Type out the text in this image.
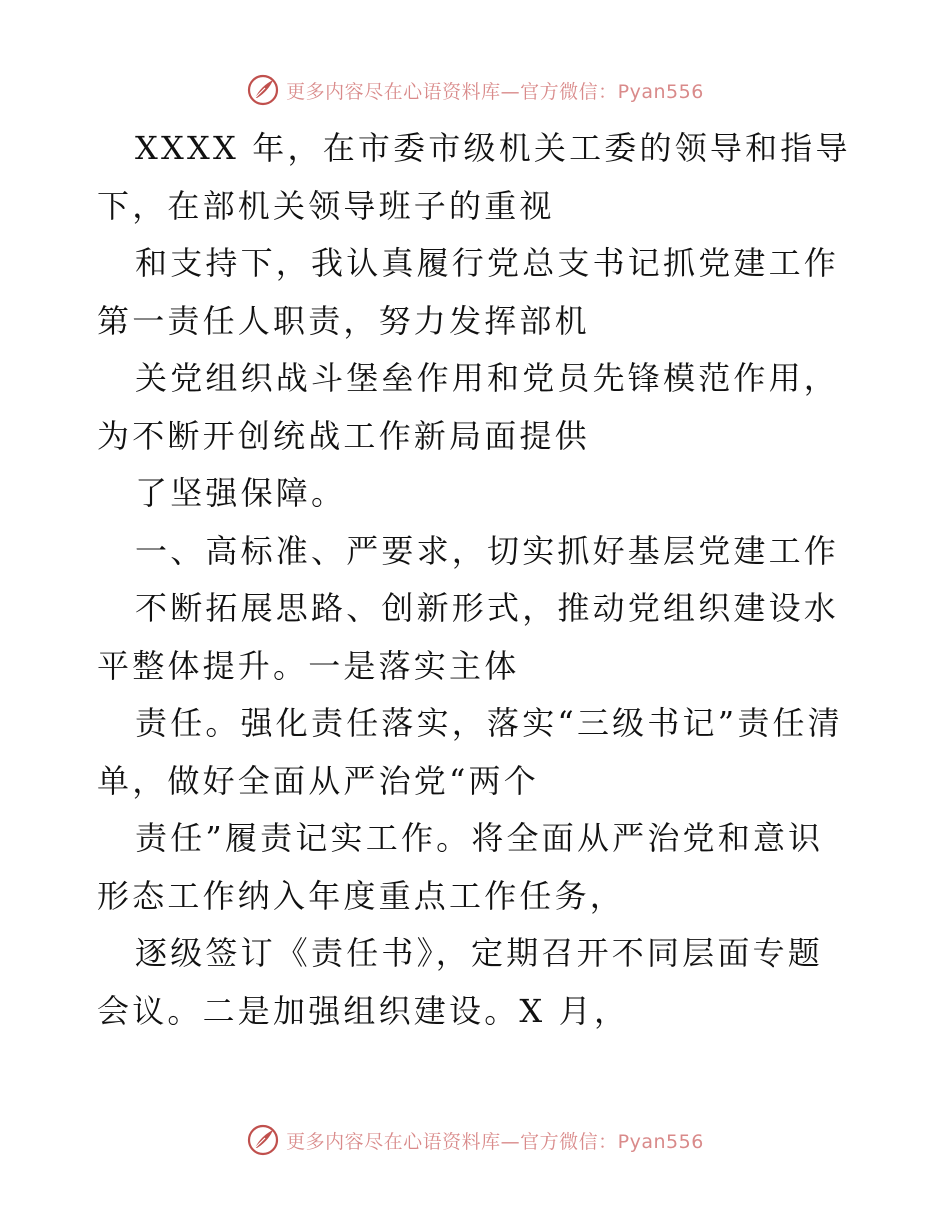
更多内容尽在心语资料库—官方微信：Pyan556

XXXX 年，在市委市级机关工委的领导和指导下，在部机关领导班子的重视

和支持下，我认真履行党总支书记抓党建工作第一责任人职责，努力发挥部机

关党组织战斗堡垒作用和党员先锋模范作用，为不断开创统战工作新局面提供

了坚强保障。

一、高标准、严要求，切实抓好基层党建工作

不断拓展思路、创新形式，推动党组织建设水平整体提升。一是落实主体

责任。强化责任落实，落实“三级书记”责任清单，做好全面从严治党“两个

责任”履责记实工作。将全面从严治党和意识形态工作纳入年度重点工作任务，

逐级签订《责任书》，定期召开不同层面专题会议。二是加强组织建设。X 月，

更多内容尽在心语资料库—官方微信：Pyan556
